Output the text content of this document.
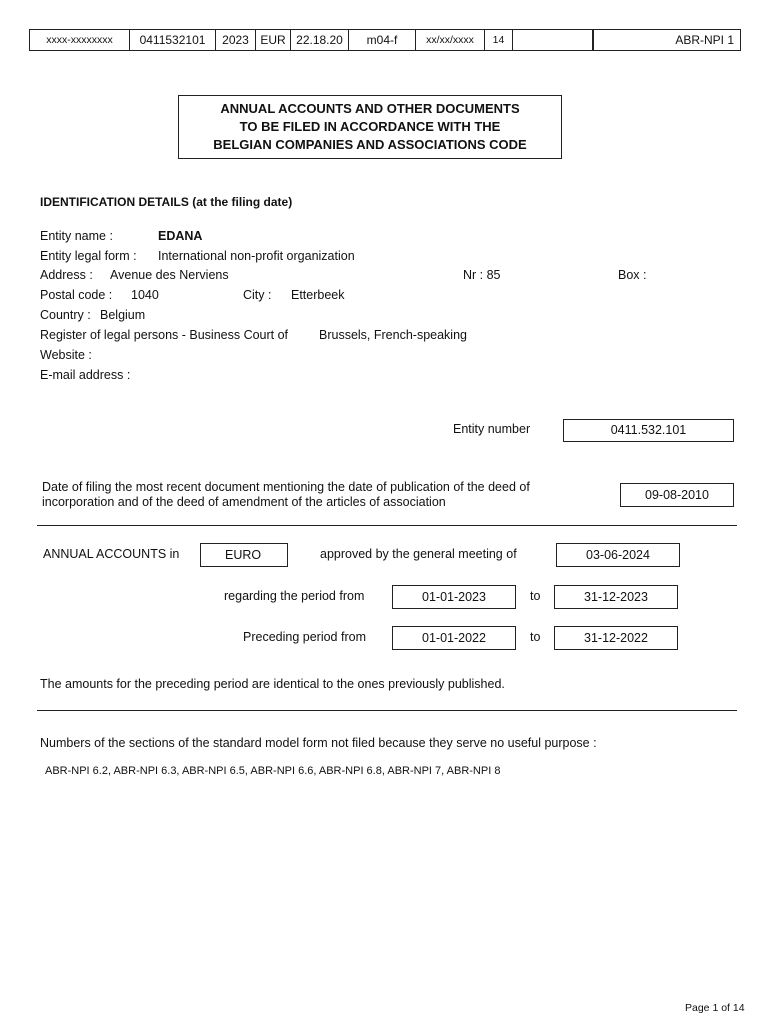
xxxx-xxxxxxxx	0411532101	2023 EUR 22.18.20	m04-f	xx/xx/xxxx	14	ABR-NPI 1
ANNUAL ACCOUNTS AND OTHER DOCUMENTS
TO BE FILED IN ACCORDANCE WITH THE
BELGIAN COMPANIES AND ASSOCIATIONS CODE
IDENTIFICATION DETAILS (at the filing date)
Entity name :	EDANA
Entity legal form : International non-profit organization
Address : Avenue des Nerviens	Nr : 85	Box :
Postal code : 1040	City : Etterbeek
Country : Belgium
Register of legal persons - Business Court of Brussels, French-speaking
Website :
E-mail address :
Entity number	0411.532.101
Date of filing the most recent document mentioning the date of publication of the deed of
incorporation and of the deed of amendment of the articles of association	09-08-2010
ANNUAL ACCOUNTS in	EURO	approved by the general meeting of	03-06-2024
regarding the period from	01-01-2023	to	31-12-2023
Preceding period from	01-01-2022	to	31-12-2022
The amounts for the preceding period are identical to the ones previously published.
Numbers of the sections of the standard model form not filed because they serve no useful purpose :
ABR-NPI 6.2, ABR-NPI 6.3, ABR-NPI 6.5, ABR-NPI 6.6, ABR-NPI 6.8, ABR-NPI 7, ABR-NPI 8
Page 1 of 14
